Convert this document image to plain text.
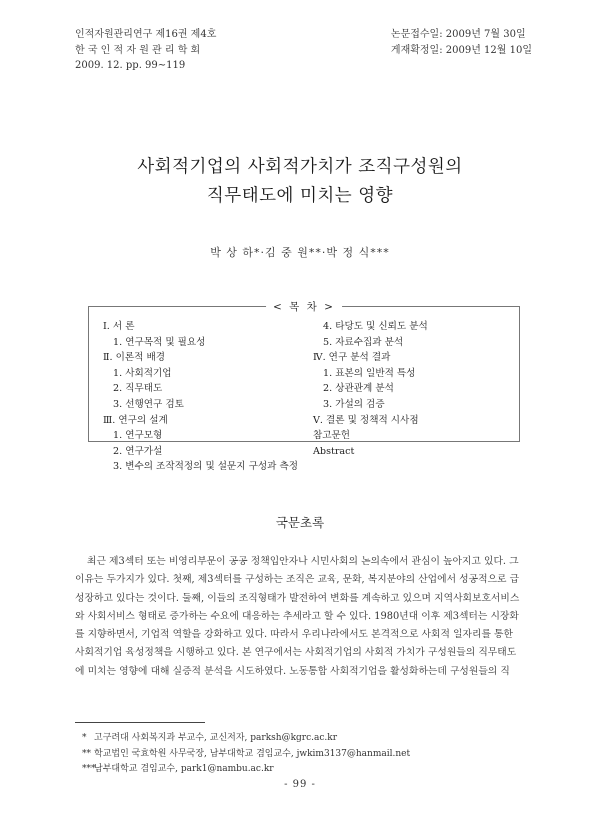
인적자원관리연구 제16권 제4호
한 국 인 적 자 원 관 리 학 회
2009. 12. pp. 99∼119
논문접수일: 2009년 7월 30일
게재확정일: 2009년 12월 10일
사회적기업의 사회적가치가 조직구성원의
직무태도에 미치는 영향
박 상 하*·김 중 원**·박 정 식***
< 목 차 >
Ⅰ. 서 론
1. 연구목적 및 필요성
Ⅱ. 이론적 배경
1. 사회적기업
2. 직무태도
3. 선행연구 검토
Ⅲ. 연구의 설계
1. 연구모형
2. 연구가설
3. 변수의 조작적정의 및 설문지 구성과 측정
4. 타당도 및 신뢰도 분석
5. 자료수집과 분석
Ⅳ. 연구 분석 결과
1. 표본의 일반적 특성
2. 상관관계 분석
3. 가설의 검증
Ⅴ. 결론 및 정책적 시사점
참고문헌
Abstract
국문초록
최근 제3섹터 또는 비영리부문이 공공 정책입안자나 시민사회의 논의속에서 관심이 높아지고 있다. 그
이유는 두가지가 있다. 첫째, 제3섹터를 구성하는 조직은 교육, 문화, 복지분야의 산업에서 성공적으로 급
성장하고 있다는 것이다. 둘째, 이들의 조직형태가 발전하여 변화를 계속하고 있으며 지역사회보호서비스
와 사회서비스 형태로 증가하는 수요에 대응하는 추세라고 할 수 있다. 1980년대 이후 제3섹터는 시장화
를 지향하면서, 기업적 역할을 강화하고 있다. 따라서 우리나라에서도 본격적으로 사회적 일자리를 통한
사회적기업 육성정책을 시행하고 있다. 본 연구에서는 사회적기업의 사회적 가치가 구성원들의 직무태도
에 미치는 영향에 대해 실증적 분석을 시도하였다. 노동통합 사회적기업을 활성화하는데 구성원들의 직
* 고구려대 사회복지과 부교수, 교신저자, parksh@kgrc.ac.kr
** 학교법인 국효학원 사무국장, 남부대학교 겸임교수, jwkim3137@hanmail.net
***남부대학교 겸임교수, park1@nambu.ac.kr
- 99 -
